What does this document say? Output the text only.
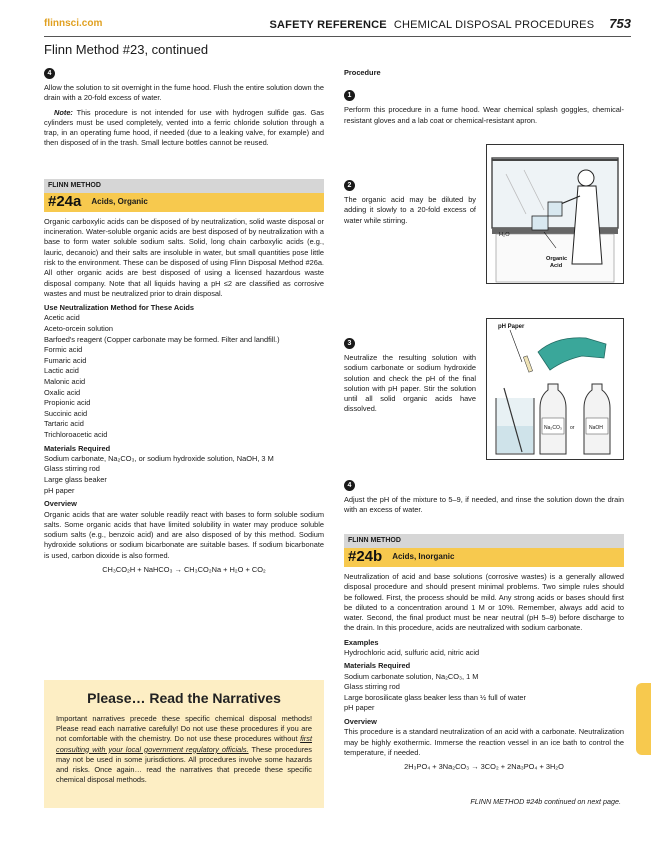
flinnsci.com	SAFETY REFERENCE CHEMICAL DISPOSAL PROCEDURES 753
Flinn Method #23, continued
4

Allow the solution to sit overnight in the fume hood. Flush the entire solution down the drain with a 20-fold excess of water.

Note: This procedure is not intended for use with hydrogen sulfide gas. Gas cylinders must be used completely, vented into a ferric chloride solution through a trap, in an operating fume hood, if needed (due to a leaking valve, for example) and then disposed of in the trash. Small lecture bottles cannot be reused.

FLINN METHOD
#24a Acids, Organic

Organic carboxylic acids can be disposed of by neutralization, solid waste disposal or incineration. Water-soluble organic acids are best disposed of by neutralization with a base to form water soluble sodium salts. Solid, long chain carboxylic acids (e.g., lauric, decanoic) and their salts are insoluble in water, but small quantities pose little risk to the environment. These can be disposed of using Flinn Disposal Method #26a. All other organic acids are best disposed of using a licensed hazardous waste disposal company. Note that all liquids having a pH ≤2 are classified as corrosive wastes and must be neutralized prior to drain disposal.

Use Neutralization Method for These Acids
Acetic acid
Aceto-orcein solution
Barfoed's reagent (Copper carbonate may be formed. Filter and landfill.)
Formic acid
Fumaric acid
Lactic acid
Malonic acid
Oxalic acid
Propionic acid
Succinic acid
Tartaric acid
Trichloroacetic acid
Materials Required
Sodium carbonate, Na₂CO₃, or sodium hydroxide solution, NaOH, 3 M
Glass stirring rod
Large glass beaker
pH paper
Overview

Organic acids that are water soluble readily react with bases to form soluble sodium salts. Some organic acids that have limited solubility in water may produce soluble sodium salts (e.g., benzoic acid) and are also disposed of by this method. Sodium hydroxide solutions or sodium bicarbonate are suitable bases. If sodium bicarbonate is used, carbon dioxide is also formed.

CH₃CO₂H + NaHCO₃ → CH₃CO₂Na + H₂O + CO₂
Please… Read the Narratives

Important narratives precede these specific chemical disposal methods! Please read each narrative carefully! Do not use these procedures if you are not comfortable with the chemistry. Do not use these procedures without first consulting with your local government regulatory officials. These procedures may not be used in some jurisdictions. All procedures involve some hazards and risks. Once again… read the narratives that precede these specific chemical disposal methods.

Procedure
1

Perform this procedure in a fume hood. Wear chemical splash goggles, chemical-resistant gloves and a lab coat or chemical-resistant apron.

2

The organic acid may be diluted by adding it slowly to a 20-fold excess of water while stirring.

H₂O
Organic
Acid
3

Neutralize the resulting solution with sodium carbonate or sodium hydroxide solution and check the pH of the final solution with pH paper. Stir the solution until all solid organic acids have dissolved.

pH Paper
Na₂CO₃ or	NaOH
4

Adjust the pH of the mixture to 5–9, if needed, and rinse the solution down the drain with an excess of water.

FLINN METHOD
#24b Acids, Inorganic

Neutralization of acid and base solutions (corrosive wastes) is a generally allowed disposal procedure and should present minimal problems. Two simple rules should be followed. First, the process should be mild. Any strong acids or bases should first be diluted to a concentration around 1 M or 10%. Remember, always add acid to water. Second, the final product must be near neutral (pH 5–9) before discharge to the drain. In this procedure, acids are neutralized with sodium carbonate.

Examples
Hydrochloric acid, sulfuric acid, nitric acid
Materials Required
Sodium carbonate solution, Na₂CO₃, 1 M
Glass stirring rod
Large borosilicate glass beaker less than ½ full of water
pH paper
Overview

This procedure is a standard neutralization of an acid with a carbonate. Neutralization may be highly exothermic. Immerse the reaction vessel in an ice bath to control the temperature, if needed.

2H₃PO₄ + 3Na₂CO₃ → 3CO₂ + 2Na₃PO₄ + 3H₂O
FLINN METHOD #24b continued on next page.
